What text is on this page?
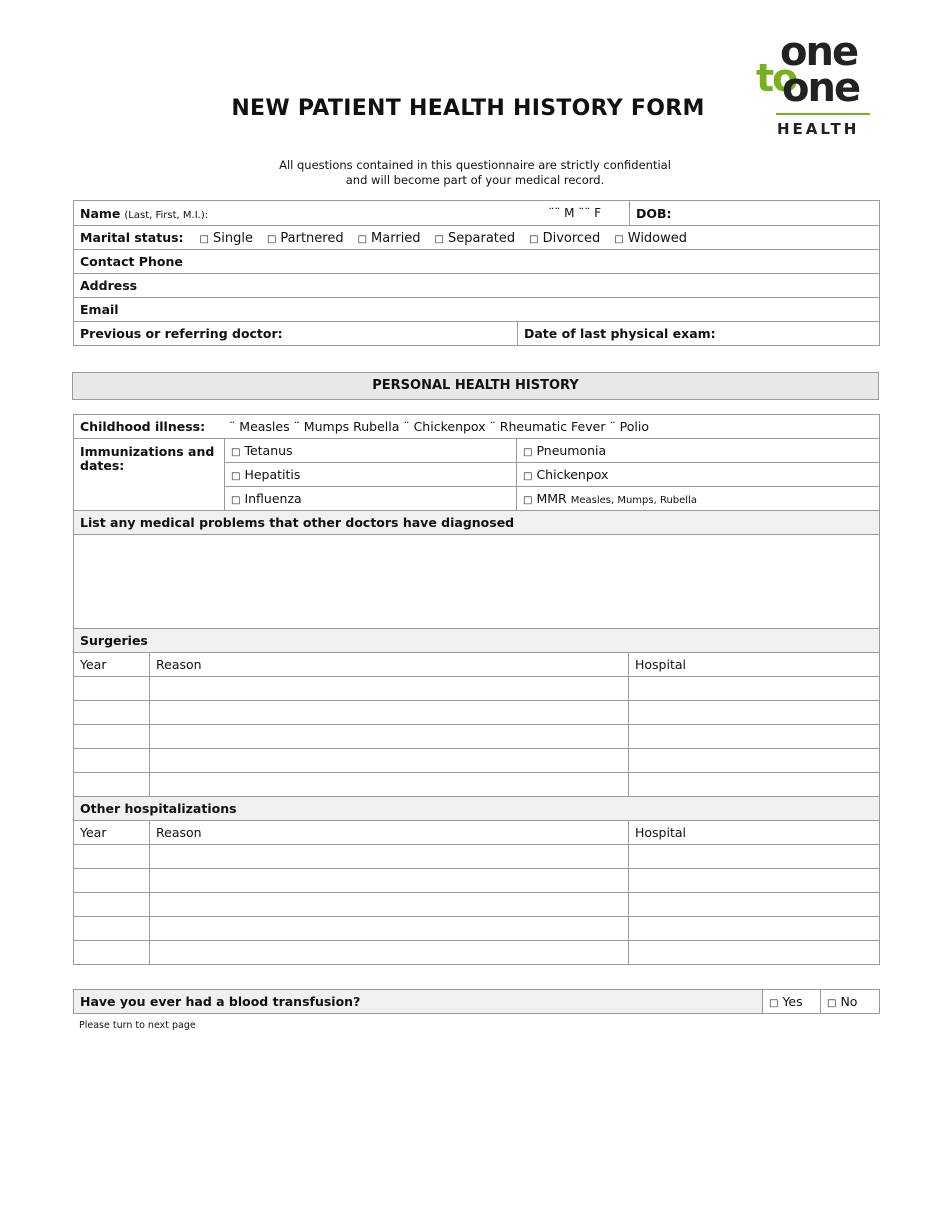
NEW PATIENT HEALTH HISTORY FORM
All questions contained in this questionnaire are strictly confidential
and will become part of your medical record.
one
to
one
HEALTH
Name (Last, First, M.I.): ¨¨ M ¨¨ F		DOB:
Marital status: □ Single □ Partnered □ Married □ Separated □ Divorced □ Widowed		
Contact Phone		
Address		
Email		
Previous or referring doctor:	Date of last physical exam:	
PERSONAL HEALTH HISTORY
Childhood illness: ¨ Measles ¨ Mumps Rubella ¨ Chickenpox ¨ Rheumatic Fever ¨ Polio				
Immunizations and dates:		□ Tetanus	□ Pneumonia	
		□ Hepatitis	□ Chickenpox	
		□ Influenza	□ MMR Measles, Mumps, Rubella	
List any medical problems that other doctors have diagnosed				

Surgeries				
Year	Reason			Hospital

Other hospitalizations				
Year	Reason			Hospital

Have you ever had a blood transfusion?	□ Yes	□ No
Please turn to next page
